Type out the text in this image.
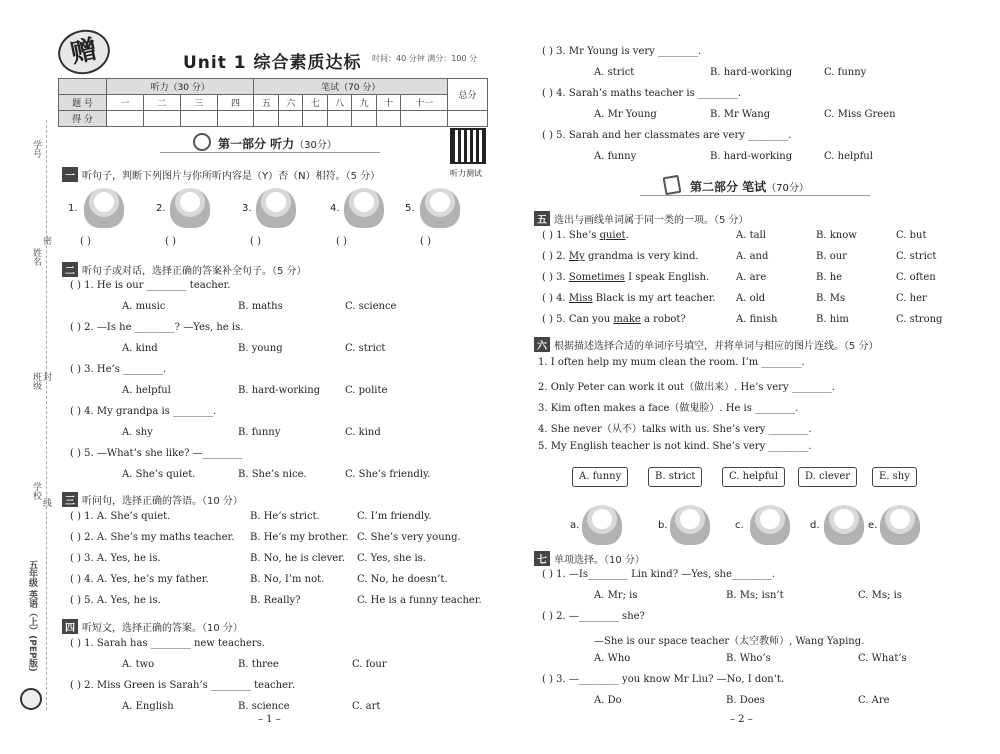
学号
姓名
密
班级 封
学校
线
五年级 英语（上）(PEP版)
赠	Unit 1 综合素质达标 时间：40 分钟 满分：100 分
	听力（30 分）				笔试（70 分）							总分
题 号	一	二	三	四	五	六	七	八	九	十	十一	
得 分												
听力测试
第一部分 听力（30分）
一 听句子，判断下列图片与你所听内容是（Y）否（N）相符。（5 分）
1.	2.	3.	4.	5.
( )	( )	( )	( )	( )
二 听句子或对话，选择正确的答案补全句子。（5 分）
( ) 1. He is our ________ teacher.
A. music	B. maths	C. science
( ) 2. —Is he ________? —Yes, he is.
A. kind	B. young	C. strict
( ) 3. He’s ________.
A. helpful	B. hard-working C. polite
( ) 4. My grandpa is ________.
A. shy	B. funny	C. kind
( ) 5. —What’s she like? —________
A. She’s quiet.	B. She’s nice.	C. She’s friendly.
三 听问句，选择正确的答语。（10 分）
( ) 1. A. She’s quiet.	B. He’s strict.	C. I’m friendly.
( ) 2. A. She’s my maths teacher. B. He’s my brother. C. She’s very young.
( ) 3. A. Yes, he is.	B. No, he is clever. C. Yes, she is.
( ) 4. A. Yes, he’s my father.	B. No, I’m not.	C. No, he doesn’t.
( ) 5. A. Yes, he is.	B. Really?	C. He is a funny teacher.
四 听短文，选择正确的答案。（10 分）
( ) 1. Sarah has ________ new teachers.
A. two	B. three	C. four
( ) 2. Miss Green is Sarah’s ________ teacher.
A. English	B. science	C. art
– 1 –
( ) 3. Mr Young is very ________.
A. strict	B. hard-working	C. funny
( ) 4. Sarah’s maths teacher is ________.
A. Mr Young	B. Mr Wang	C. Miss Green
( ) 5. Sarah and her classmates are very ________.
A. funny	B. hard-working	C. helpful
第二部分 笔试（70分）
五 选出与画线单词属于同一类的一项。（5 分）
( ) 1. She’s quiet.	A. tall	B. know	C. but
( ) 2. My grandma is very kind.	A. and	B. our	C. strict
( ) 3. Sometimes I speak English.	A. are	B. he	C. often
( ) 4. Miss Black is my art teacher. A. old	B. Ms	C. her
( ) 5. Can you make a robot?	A. finish	B. him	C. strong
六 根据描述选择合适的单词序号填空，并将单词与相应的图片连线。（5 分）
1. I often help my mum clean the room. I’m ________.
2. Only Peter can work it out（做出来）. He’s very ________.
3. Kim often makes a face（做鬼脸）. He is ________.
4. She never（从不）talks with us. She’s very ________.
5. My English teacher is not kind. She’s very ________.
A. funny	B. strict	C. helpful	D. clever	E. shy
a.	b.	c.	d.	e.
七 单项选择。（10 分）
( ) 1. —Is________ Lin kind? —Yes, she________.
A. Mr; is	B. Ms; isn’t	C. Ms; is
( ) 2. —________ she?
—She is our space teacher（太空教师）, Wang Yaping.
A. Who	B. Who’s	C. What’s
( ) 3. —________ you know Mr Liu? —No, I don’t.
A. Do	B. Does	C. Are
– 2 –
